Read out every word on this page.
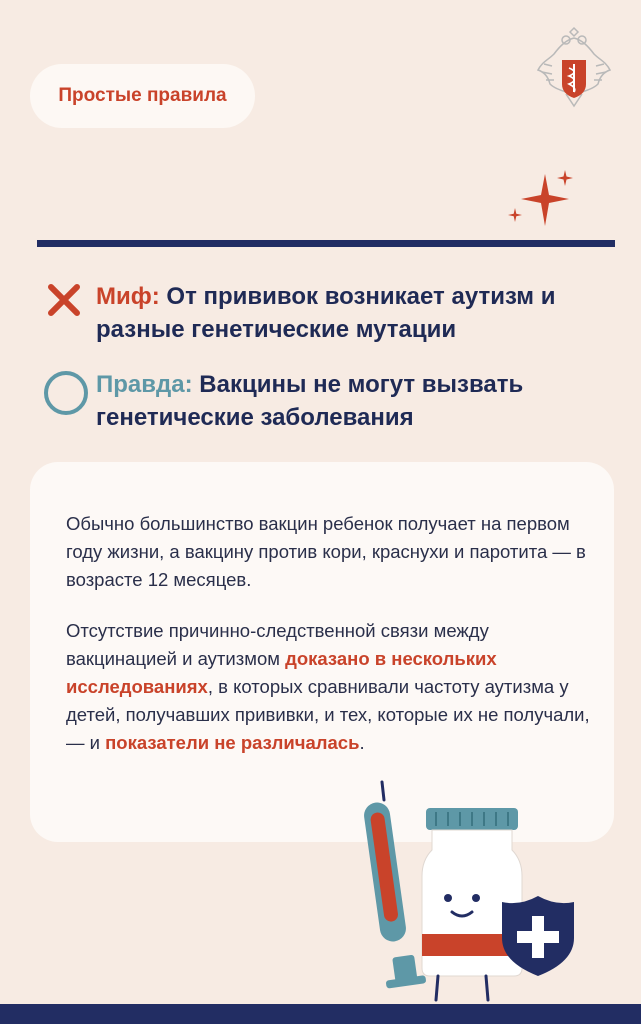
Простые правила
Миф: От прививок возникает аутизм и разные генетические мутации
Правда: Вакцины не могут вызвать генетические заболевания
Обычно большинство вакцин ребенок получает на первом году жизни, а вакцину против кори, краснухи и паротита — в возрасте 12 месяцев.
Отсутствие причинно-следственной связи между вакцинацией и аутизмом доказано в нескольких исследованиях, в которых сравнивали частоту аутизма у детей, получавших прививки, и тех, которые их не получали, — и показатели не различалась.
